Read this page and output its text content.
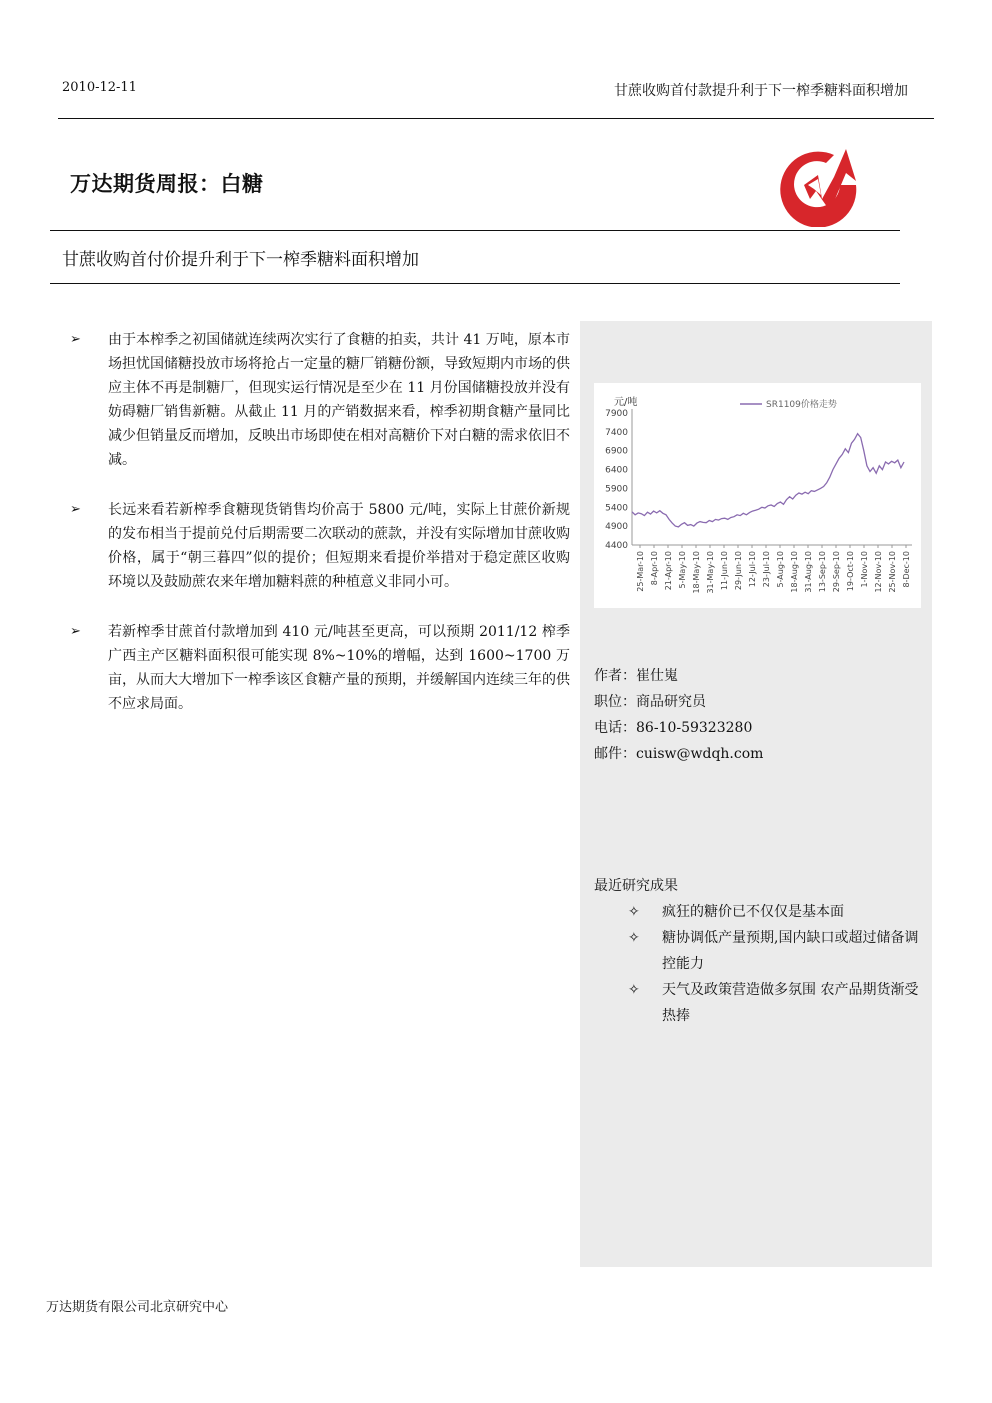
2010-12-11	甘蔗收购首付款提升利于下一榨季糖料面积增加
万达期货周报：白糖
甘蔗收购首付价提升利于下一榨季糖料面积增加
➢ 由于本榨季之初国储就连续两次实行了食糖的拍卖，共计 41 万吨，原本市场担忧国储糖投放市场将抢占一定量的糖厂销糖份额，导致短期内市场的供应主体不再是制糖厂，但现实运行情况是至少在 11 月份国储糖投放并没有妨碍糖厂销售新糖。从截止 11 月的产销数据来看，榨季初期食糖产量同比减少但销量反而增加，反映出市场即使在相对高糖价下对白糖的需求依旧不减。
➢ 长远来看若新榨季食糖现货销售均价高于 5800 元/吨，实际上甘蔗价新规的发布相当于提前兑付后期需要二次联动的蔗款，并没有实际增加甘蔗收购价格，属于“朝三暮四”似的提价；但短期来看提价举措对于稳定蔗区收购环境以及鼓励蔗农来年增加糖料蔗的种植意义非同小可。
➢ 若新榨季甘蔗首付款增加到 410 元/吨甚至更高，可以预期 2011/12 榨季广西主产区糖料面积很可能实现 8%~10%的增幅，达到 1600~1700 万亩，从而大大增加下一榨季该区食糖产量的预期，并缓解国内连续三年的供不应求局面。
元/吨	SR1109价格走势
7900
7400
6900
6400
5900
5400
4900
4400
25-Mar-10 8-Apr-10 21-Apr-10 5-May-10 18-May-10 31-May-10 11-Jun-10 29-Jun-10 12-Jul-10 23-Jul-10 5-Aug-10 18-Aug-10 31-Aug-10 13-Sep-10 29-Sep-10 19-Oct-10 1-Nov-10 12-Nov-10 25-Nov-10 8-Dec-10
作者：崔仕嵬
职位：商品研究员
电话：86-10-59323280
邮件：cuisw@wdqh.com
最近研究成果
✧ 疯狂的糖价已不仅仅是基本面
✧ 糖协调低产量预期,国内缺口或超过储备调控能力
✧ 天气及政策营造做多氛围 农产品期货渐受热捧
万达期货有限公司北京研究中心
